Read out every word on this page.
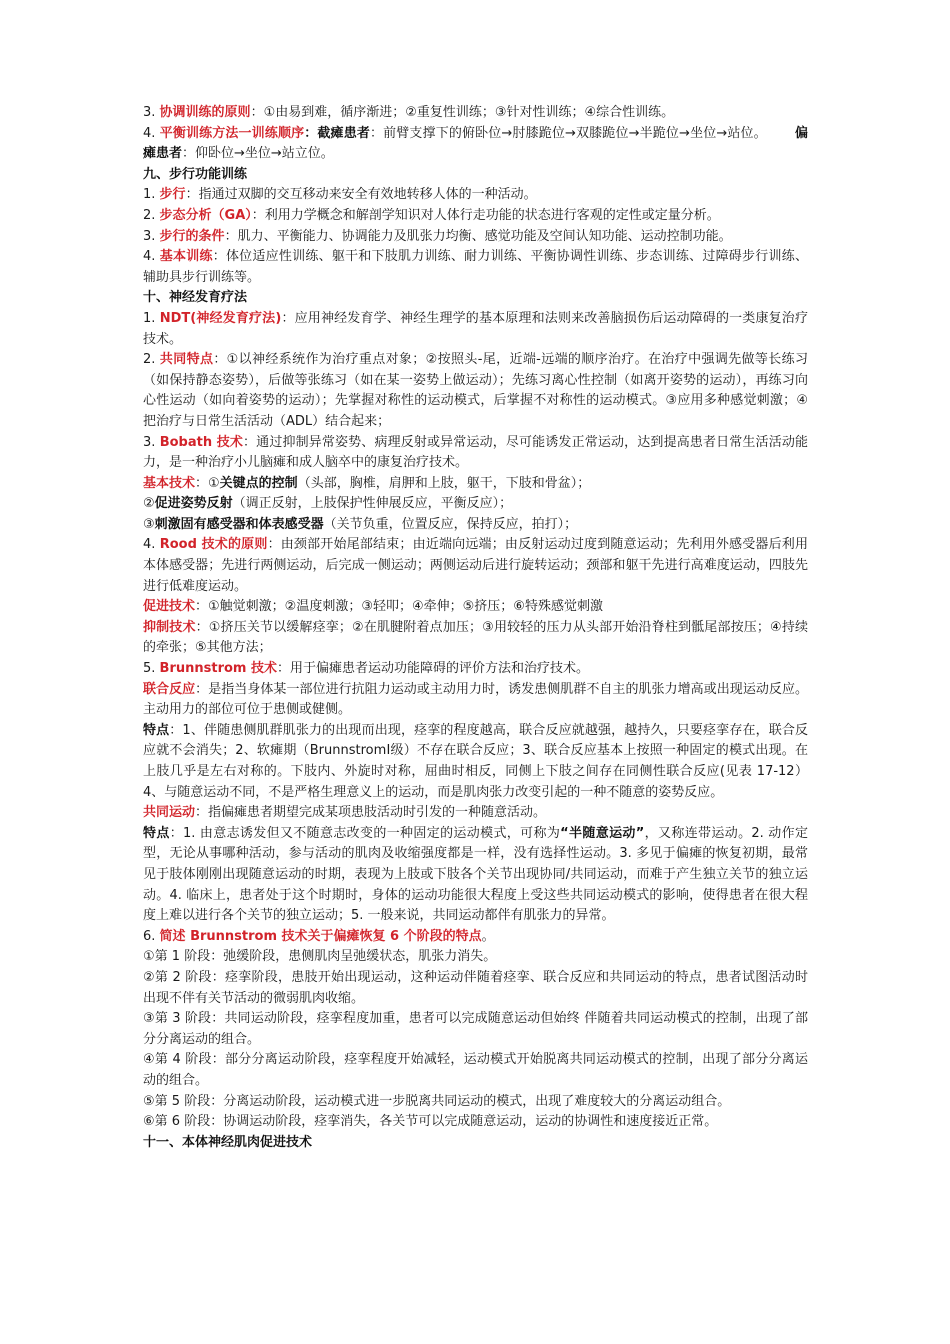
3. 协调训练的原则：①由易到难，循序渐进；②重复性训练；③针对性训练；④综合性训练。
4. 平衡训练方法一训练顺序：截瘫患者：前臂支撑下的俯卧位→肘膝跪位→双膝跪位→半跪位→坐位→站位。 偏瘫患者：仰卧位→坐位→站立位。
九、步行功能训练
1. 步行：指通过双脚的交互移动来安全有效地转移人体的一种活动。
2. 步态分析（GA）：利用力学概念和解剖学知识对人体行走功能的状态进行客观的定性或定量分析。
3. 步行的条件：肌力、平衡能力、协调能力及肌张力均衡、感觉功能及空间认知功能、运动控制功能。
4. 基本训练：体位适应性训练、躯干和下肢肌力训练、耐力训练、平衡协调性训练、步态训练、过障碍步行训练、辅助具步行训练等。
十、神经发育疗法
1. NDT(神经发育疗法)：应用神经发育学、神经生理学的基本原理和法则来改善脑损伤后运动障碍的一类康复治疗技术。
2. 共同特点：①以神经系统作为治疗重点对象；②按照头-尾，近端-远端的顺序治疗。在治疗中强调先做等长练习（如保持静态姿势），后做等张练习（如在某一姿势上做运动）；先练习离心性控制（如离开姿势的运动），再练习向心性运动（如向着姿势的运动）；先掌握对称性的运动模式，后掌握不对称性的运动模式。③应用多种感觉刺激；④把治疗与日常生活活动（ADL）结合起来；
3. Bobath 技术：通过抑制异常姿势、病理反射或异常运动，尽可能诱发正常运动，达到提高患者日常生活活动能力，是一种治疗小儿脑瘫和成人脑卒中的康复治疗技术。
基本技术：①关键点的控制（头部，胸椎，肩胛和上肢，躯干，下肢和骨盆）；
②促进姿势反射（调正反射，上肢保护性伸展反应，平衡反应）；
③刺激固有感受器和体表感受器（关节负重，位置反应，保持反应，拍打）；
4. Rood 技术的原则：由颈部开始尾部结束；由近端向远端；由反射运动过度到随意运动；先利用外感受器后利用本体感受器；先进行两侧运动，后完成一侧运动；两侧运动后进行旋转运动；颈部和躯干先进行高难度运动，四肢先进行低难度运动。
促进技术：①触觉刺激；②温度刺激；③轻叩；④牵伸；⑤挤压；⑥特殊感觉刺激
抑制技术：①挤压关节以缓解痉挛；②在肌腱附着点加压；③用较轻的压力从头部开始沿脊柱到骶尾部按压；④持续的牵张；⑤其他方法；
5. Brunnstrom 技术：用于偏瘫患者运动功能障碍的评价方法和治疗技术。
联合反应：是指当身体某一部位进行抗阻力运动或主动用力时，诱发患侧肌群不自主的肌张力增高或出现运动反应。主动用力的部位可位于患侧或健侧。
特点：1、伴随患侧肌群肌张力的出现而出现，痉挛的程度越高，联合反应就越强，越持久，只要痉挛存在，联合反应就不会消失；2、软瘫期（BrunnstromⅠ级）不存在联合反应；3、联合反应基本上按照一种固定的模式出现。在上肢几乎是左右对称的。下肢内、外旋时对称，屈曲时相反，同侧上下肢之间存在同侧性联合反应(见表 17-12）4、与随意运动不同，不是严格生理意义上的运动，而是肌肉张力改变引起的一种不随意的姿势反应。
共同运动：指偏瘫患者期望完成某项患肢活动时引发的一种随意活动。
特点：1. 由意志诱发但又不随意志改变的一种固定的运动模式，可称为“半随意运动”，又称连带运动。2. 动作定型，无论从事哪种活动，参与活动的肌肉及收缩强度都是一样，没有选择性运动。3. 多见于偏瘫的恢复初期，最常见于肢体刚刚出现随意运动的时期，表现为上肢或下肢各个关节出现协同/共同运动，而难于产生独立关节的独立运动。4. 临床上，患者处于这个时期时，身体的运动功能很大程度上受这些共同运动模式的影响，使得患者在很大程度上难以进行各个关节的独立运动；5. 一般来说，共同运动都伴有肌张力的异常。
6. 简述 Brunnstrom 技术关于偏瘫恢复 6 个阶段的特点。
①第 1 阶段：弛缓阶段，患侧肌肉呈弛缓状态，肌张力消失。
②第 2 阶段：痉挛阶段，患肢开始出现运动，这种运动伴随着痉挛、联合反应和共同运动的特点，患者试图活动时出现不伴有关节活动的微弱肌肉收缩。
③第 3 阶段：共同运动阶段，痉挛程度加重，患者可以完成随意运动但始终 伴随着共同运动模式的控制，出现了部分分离运动的组合。
④第 4 阶段：部分分离运动阶段，痉挛程度开始减轻，运动模式开始脱离共同运动模式的控制，出现了部分分离运动的组合。
⑤第 5 阶段：分离运动阶段，运动模式进一步脱离共同运动的模式，出现了难度较大的分离运动组合。
⑥第 6 阶段：协调运动阶段，痉挛消失，各关节可以完成随意运动，运动的协调性和速度接近正常。
十一、本体神经肌肉促进技术
